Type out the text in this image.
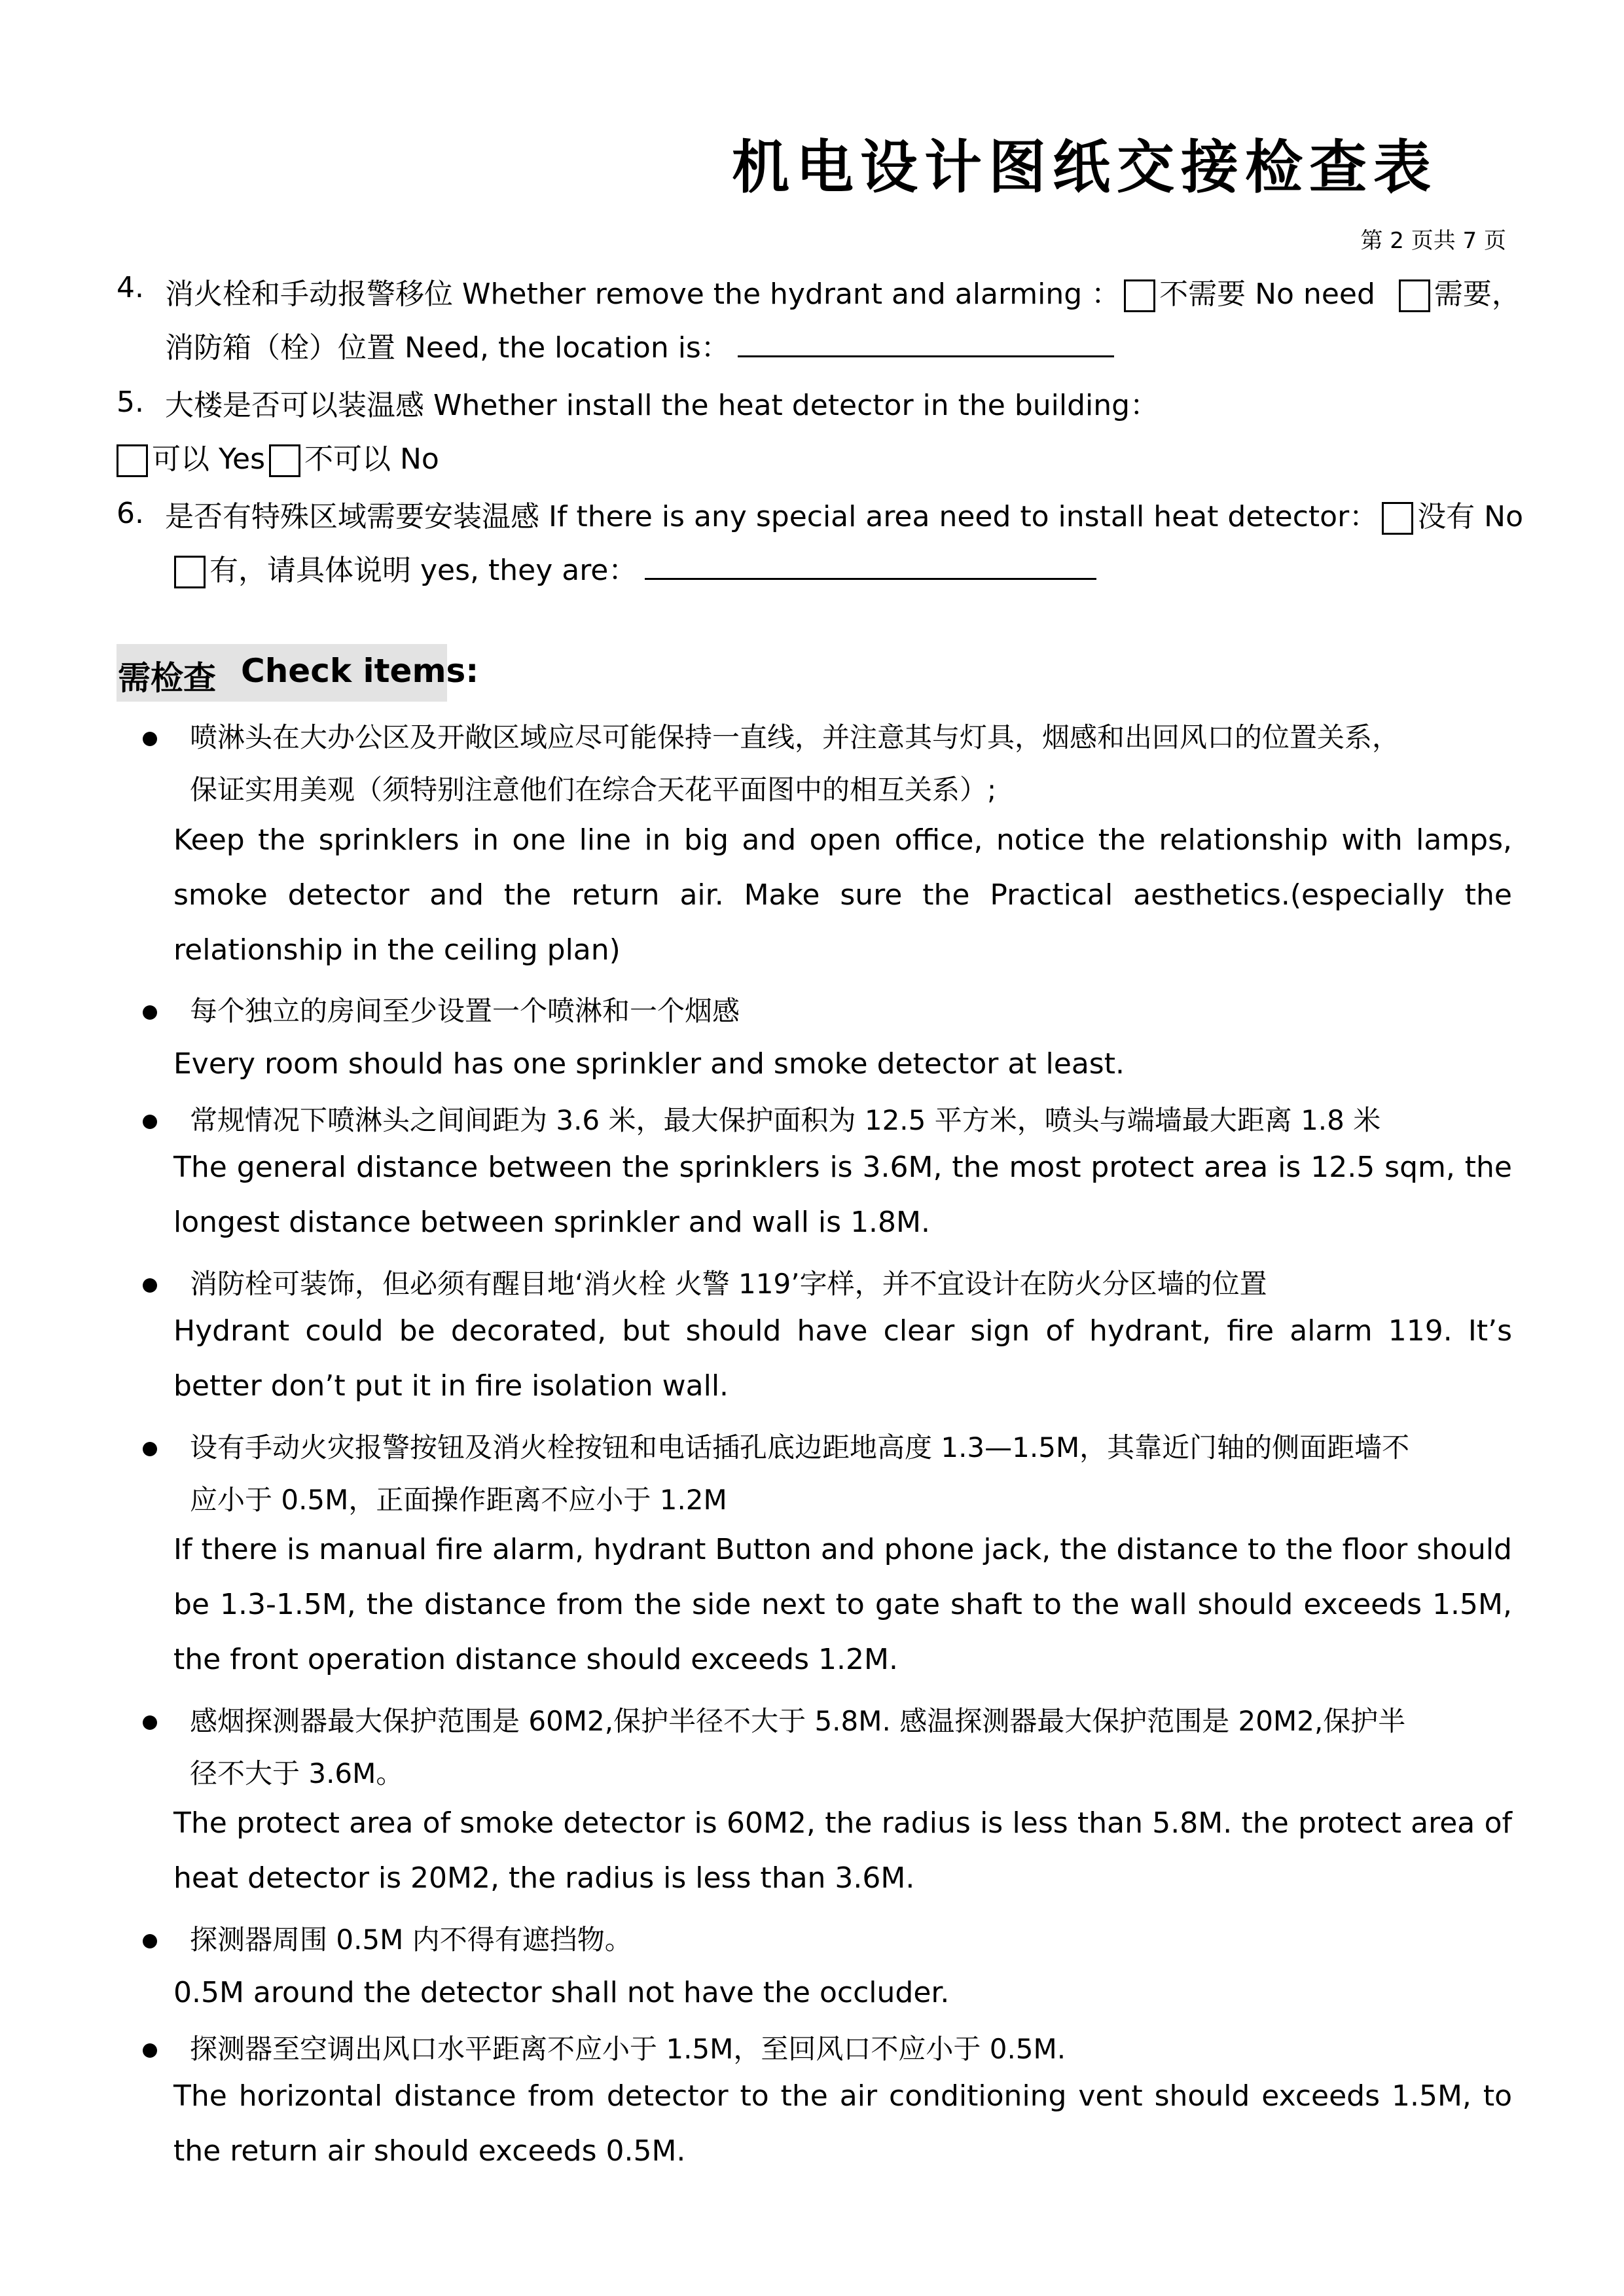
机电设计图纸交接检查表
第 2 页共 7 页
4. 消火栓和手动报警移位 Whether remove the hydrant and alarming ： 不需要 No need 需要，
消防箱（栓）位置 Need, the location is：
5. 大楼是否可以装温感 Whether install the heat detector in the building：
可以 Yes 不可以 No
6. 是否有特殊区域需要安装温感 If there is any special area need to install heat detector： 没有 No
有，请具体说明 yes, they are：
需检查 Check items:
喷淋头在大办公区及开敞区域应尽可能保持一直线，并注意其与灯具，烟感和出回风口的位置关系，
保证实用美观（须特别注意他们在综合天花平面图中的相互关系）;
Keep the sprinklers in one line in big and open office, notice the relationship with lamps, smoke detector and the return air. Make sure the Practical aesthetics.(especially the relationship in the ceiling plan)
每个独立的房间至少设置一个喷淋和一个烟感
Every room should has one sprinkler and smoke detector at least.
常规情况下喷淋头之间间距为 3.6 米，最大保护面积为 12.5 平方米，喷头与端墙最大距离 1.8 米
The general distance between the sprinklers is 3.6M, the most protect area is 12.5 sqm, the longest distance between sprinkler and wall is 1.8M.
消防栓可装饰，但必须有醒目地‘消火栓 火警 119’字样，并不宜设计在防火分区墙的位置
Hydrant could be decorated, but should have clear sign of hydrant, fire alarm 119. It’s better don’t put it in fire isolation wall.
设有手动火灾报警按钮及消火栓按钮和电话插孔底边距地高度 1.3—1.5M，其靠近门轴的侧面距墙不
应小于 0.5M，正面操作距离不应小于 1.2M
If there is manual fire alarm, hydrant Button and phone jack, the distance to the floor should be 1.3-1.5M, the distance from the side next to gate shaft to the wall should exceeds 1.5M, the front operation distance should exceeds 1.2M.
感烟探测器最大保护范围是 60M2,保护半径不大于 5.8M. 感温探测器最大保护范围是 20M2,保护半
径不大于 3.6M。
The protect area of smoke detector is 60M2, the radius is less than 5.8M. the protect area of heat detector is 20M2, the radius is less than 3.6M.
探测器周围 0.5M 内不得有遮挡物。
0.5M around the detector shall not have the occluder.
探测器至空调出风口水平距离不应小于 1.5M，至回风口不应小于 0.5M.
The horizontal distance from detector to the air conditioning vent should exceeds 1.5M, to the return air should exceeds 0.5M.
